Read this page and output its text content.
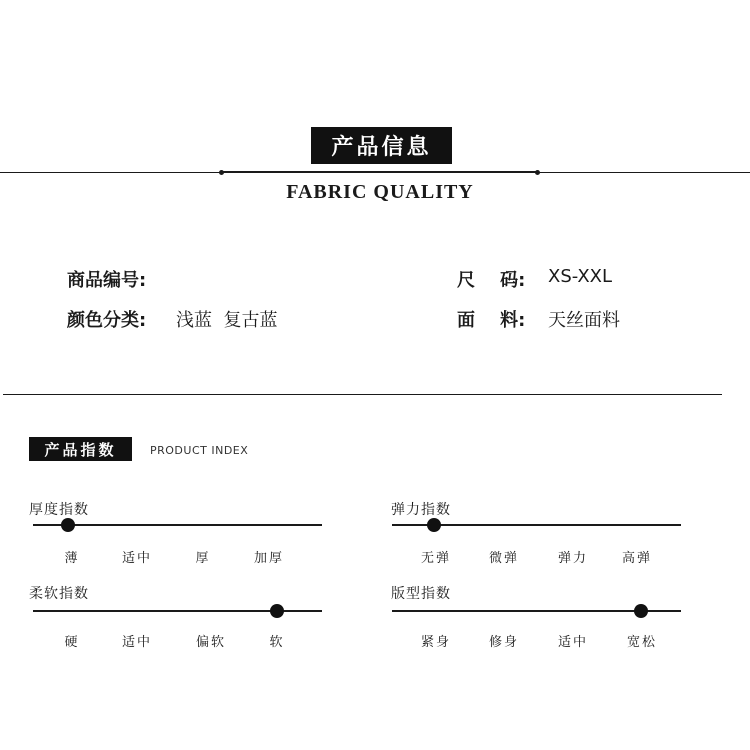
产品信息
FABRIC QUALITY
商品编号:
颜色分类: 浅蓝  复古蓝
尺    码: XS-XXL
面    料: 天丝面料
产品指数	PRODUCT INDEX
厚度指数
薄	适中	厚	加厚
弹力指数
无弹	微弹	弹力	高弹
柔软指数
硬	适中	偏软	软
版型指数
紧身	修身	适中	宽松
